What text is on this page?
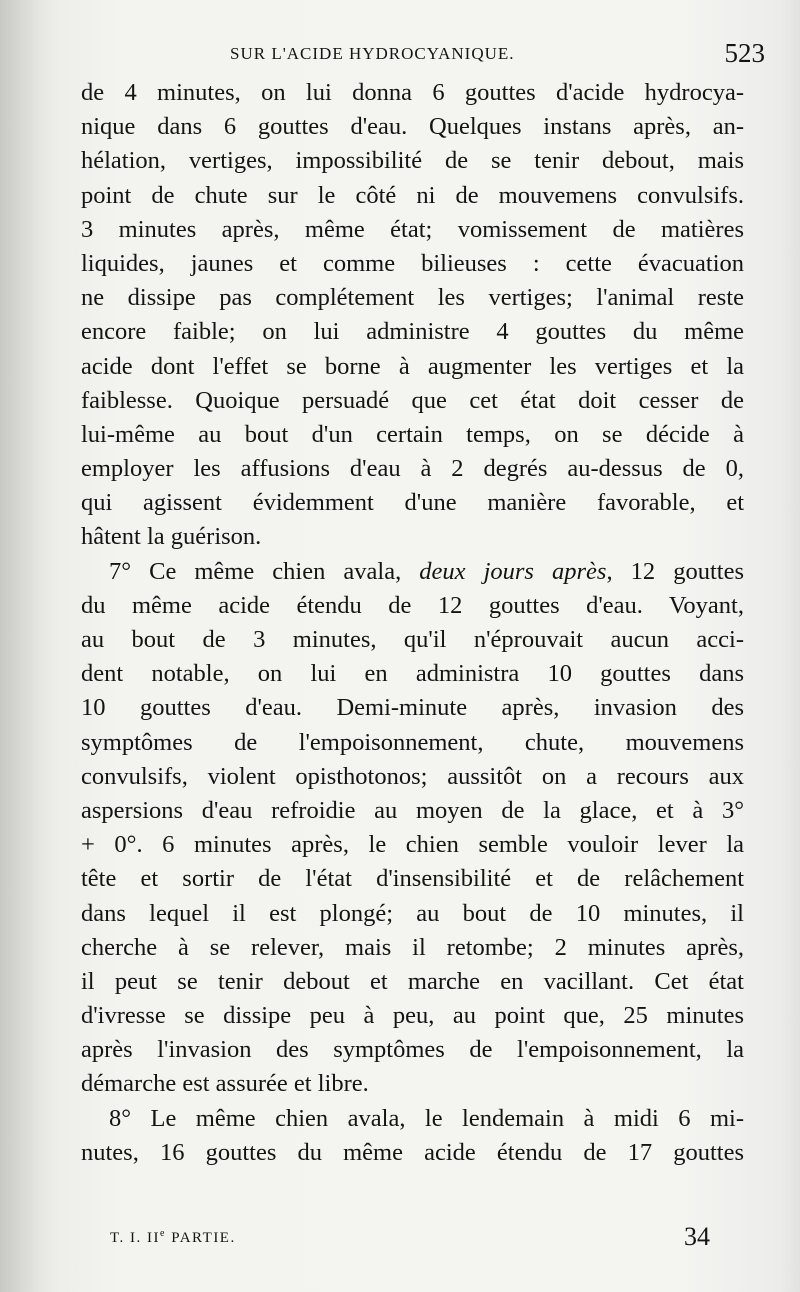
SUR L'ACIDE HYDROCYANIQUE.	523
de 4 minutes, on lui donna 6 gouttes d'acide hydrocya-
nique dans 6 gouttes d'eau. Quelques instans après, an-
hélation, vertiges, impossibilité de se tenir debout, mais
point de chute sur le côté ni de mouvemens convulsifs.
3 minutes après, même état; vomissement de matières
liquides, jaunes et comme bilieuses : cette évacuation
ne dissipe pas complétement les vertiges; l'animal reste
encore faible; on lui administre 4 gouttes du même
acide dont l'effet se borne à augmenter les vertiges et la
faiblesse. Quoique persuadé que cet état doit cesser de
lui-même au bout d'un certain temps, on se décide à
employer les affusions d'eau à 2 degrés au-dessus de 0,
qui agissent évidemment d'une manière favorable, et
hâtent la guérison.
7° Ce même chien avala, deux jours après, 12 gouttes
du même acide étendu de 12 gouttes d'eau. Voyant,
au bout de 3 minutes, qu'il n'éprouvait aucun acci-
dent notable, on lui en administra 10 gouttes dans
10 gouttes d'eau. Demi-minute après, invasion des
symptômes de l'empoisonnement, chute, mouvemens
convulsifs, violent opisthotonos; aussitôt on a recours aux
aspersions d'eau refroidie au moyen de la glace, et à 3°
+ 0°. 6 minutes après, le chien semble vouloir lever la
tête et sortir de l'état d'insensibilité et de relâchement
dans lequel il est plongé; au bout de 10 minutes, il
cherche à se relever, mais il retombe; 2 minutes après,
il peut se tenir debout et marche en vacillant. Cet état
d'ivresse se dissipe peu à peu, au point que, 25 minutes
après l'invasion des symptômes de l'empoisonnement, la
démarche est assurée et libre.
8° Le même chien avala, le lendemain à midi 6 mi-
nutes, 16 gouttes du même acide étendu de 17 gouttes
T. I. IIe PARTIE.	34
